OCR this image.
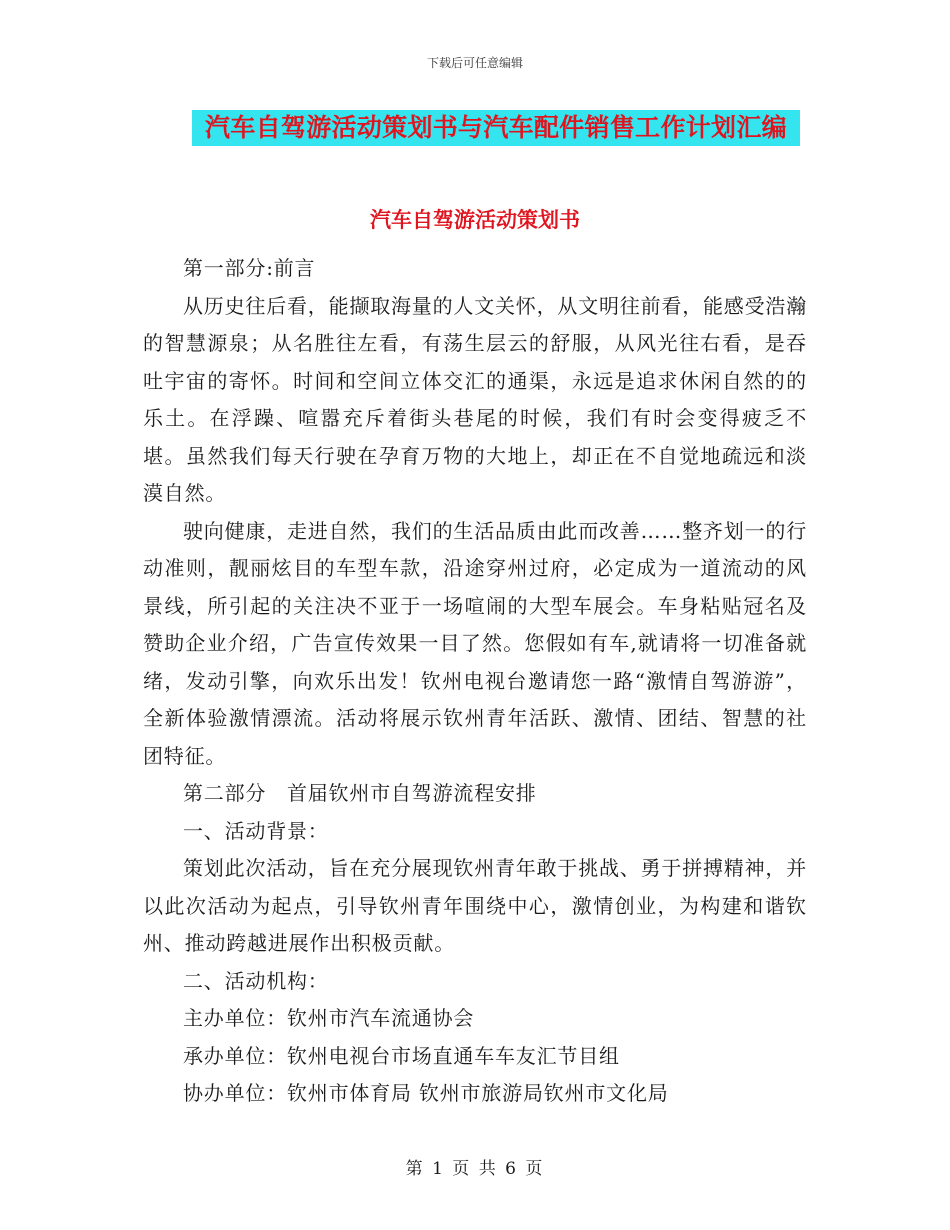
下载后可任意编辑
汽车自驾游活动策划书与汽车配件销售工作计划汇编
汽车自驾游活动策划书

第一部分:前言

从历史往后看，能撷取海量的人文关怀，从文明往前看，能感受浩瀚的智慧源泉；从名胜往左看，有荡生层云的舒服，从风光往右看，是吞吐宇宙的寄怀。时间和空间立体交汇的通渠，永远是追求休闲自然的的乐土。在浮躁、喧嚣充斥着街头巷尾的时候，我们有时会变得疲乏不堪。虽然我们每天行驶在孕育万物的大地上，却正在不自觉地疏远和淡漠自然。

驶向健康，走进自然，我们的生活品质由此而改善……整齐划一的行动准则，靓丽炫目的车型车款，沿途穿州过府，必定成为一道流动的风景线，所引起的关注决不亚于一场喧闹的大型车展会。车身粘贴冠名及赞助企业介绍，广告宣传效果一目了然。您假如有车,就请将一切准备就绪，发动引擎，向欢乐出发！钦州电视台邀请您一路“激情自驾游游”，全新体验激情漂流。活动将展示钦州青年活跃、激情、团结、智慧的社团特征。

第二部分　首届钦州市自驾游流程安排

一、活动背景：

策划此次活动，旨在充分展现钦州青年敢于挑战、勇于拼搏精神，并以此次活动为起点，引导钦州青年围绕中心，激情创业，为构建和谐钦州、推动跨越进展作出积极贡献。

二、活动机构：

主办单位：钦州市汽车流通协会

承办单位：钦州电视台市场直通车车友汇节目组

协办单位：钦州市体育局 钦州市旅游局钦州市文化局

第 1 页 共 6 页
